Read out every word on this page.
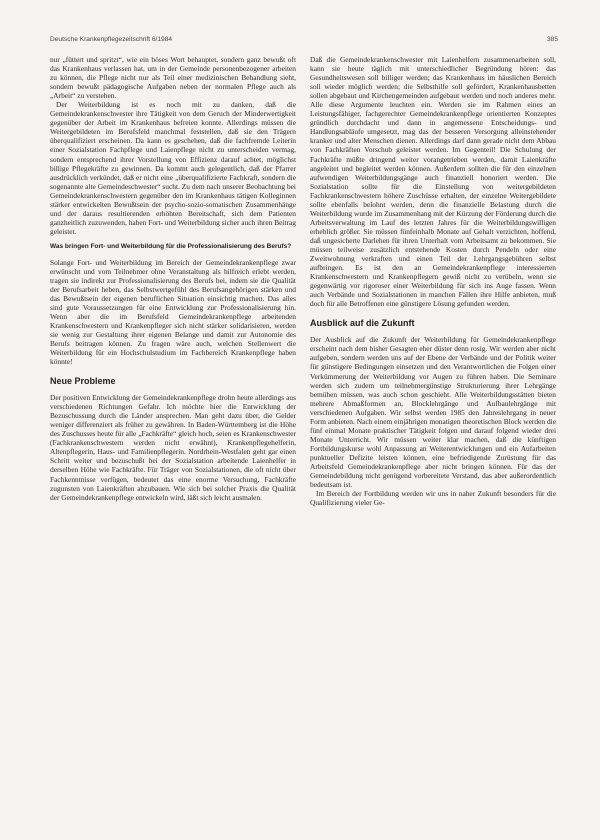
Deutsche Krankenpflegezeitschrift 6/1984	385

nur „füttert und spritzt“, wie ein böses Wort behauptet, sondern ganz bewußt oft das Krankenhaus verlassen hat, um in der Gemeinde personenbezogener arbeiten zu können, die Pflege nicht nur als Teil einer medizinischen Behandlung sieht, sondern bewußt pädagogische Aufgaben neben der normalen Pflege auch als „Arbeit“ zu verstehen.

Der Weiterbildung ist es noch mit zu danken, daß die Gemeindekrankenschwester ihre Tätigkeit von dem Geruch der Minderwertigkeit gegenüber der Arbeit im Krankenhaus befreien konnte. Allerdings müssen die Weitergebildeten im Berufsfeld manchmal feststellen, daß sie den Trägern überqualifiziert erscheinen. Da kann es geschehen, daß die fachfremde Leiterin einer Sozialstation Fachpflege und Laienpflege nicht zu unterscheiden vermag, sondern entsprechend ihrer Vorstellung von Effizienz darauf achtet, möglichst billige Pflegekräfte zu gewinnen. Da kommt auch gelegentlich, daß der Pfarrer ausdrücklich verkündet, daß er nicht eine „überqualifizierte Fachkraft, sondern die sogenannte alte Gemeindeschwester“ sucht. Zu dem nach unserer Beobachtung bei Gemeindekrankenschwestern gegenüber den im Krankenhaus tätigen Kolleginnen stärker entwickelten Bewußtsein der psycho-sozio-somatischen Zusammenhänge und der daraus resultierenden erhöhten Bereitschaft, sich dem Patienten ganzheitlich zuzuwenden, haben Fort- und Weiterbildung sicher auch ihren Beitrag geleistet.

Was bringen Fort- und Weiterbildung für die Professionalisierung des Berufs?

Solange Fort- und Weiterbildung im Bereich der Gemeindekrankenpflege zwar erwünscht und vom Teilnehmer ohne Veranstaltung als hilfreich erlebt werden, tragen sie indirekt zur Professionalisierung des Berufs bei, indem sie die Qualität der Berufsarbeit heben, das Selbstwertgefühl des Berufsangehörigen stärken und das Bewußtsein der eigenen beruflichen Situation einsichtig machen. Das alles sind gute Voraussetzungen für eine Entwicklung zur Professionalisierung hin. Wenn aber die im Berufsfeld Gemeindekrankenpflege arbeitenden Krankenschwestern und Krankenpfleger sich nicht stärker solidarisieren, werden sie wenig zur Gestaltung ihrer eigenen Belange und damit zur Autonomie des Berufs beitragen können. Zu fragen wäre auch, welchen Stellenwert die Weiterbildung für ein Hochschulstudium im Fachbereich Krankenpflege haben könnte!

Neue Probleme

Der positiven Entwicklung der Gemeindekrankenpflege drohn heute allerdings aus verschiedenen Richtungen Gefahr. Ich möchte hier die Entwicklung der Bezuschussung durch die Länder ansprechen. Man geht dazu über, die Gelder weniger differenziert als früher zu gewähren. In Baden-Württemberg ist die Höhe des Zuschusses heute für alle „Fachkräfte“ gleich hoch, seien es Krankenschwester (Fachkrankenschwestern werden nicht erwähnt), Krankenpflegehelferin, Altenpflegerin, Haus- und Familienpflegerin. Nordrhein-Westfalen geht gar einen Schritt weiter und bezuschußt bei der Sozialstation arbeitende Laienhelfer in derselben Höhe wie Fachkräfte. Für Träger von Sozialstationen, die oft nicht über Fachkenntnisse verfügen, bedeutet das eine enorme Versuchung, Fachkräfte zugunsten von Laienkräften abzubauen. Wie sich bei solcher Praxis die Qualität der Gemeindekrankenpflege entwickeln wird, läßt sich leicht ausmalen.

Daß die Gemeindekrankenschwester mit Laienhelfern zusammenarbeiten soll, kann sie heute täglich mit unterschiedlicher Begründung hören: das Gesundheitswesen soll billiger werden; das Krankenhaus im häuslichen Bereich soll wieder möglich werden; die Selbsthilfe soll gefördert, Krankenhausbetten sollen abgebaut und Kirchengemeinden aufgebaut werden und noch anderes mehr. Alle diese Argumente leuchten ein. Werden sie im Rahmen eines an Leistungsfähiger, fachgerechter Gemeindekrankenpflege orientierten Konzeptes gründlich durchdacht und dann in angemessene Entscheidungs- und Handlungsabläufe umgesetzt, mag das der besseren Versorgung alleinstehender kranker und alter Menschen dienen. Allerdings darf dann gerade nicht dem Abbau von Fachkräften Vorschub geleistet werden. Im Gegenteil! Die Schulung der Fachkräfte müßte dringend weiter vorangetrieben werden, damit Laienkräfte angeleitet und begleitet werden können. Außerdem sollten die für den einzelnen aufwendigen Weiterbildungsgänge auch finanziell honoriert werden. Die Sozialstation sollte für die Einstellung von weitergebildeten Fachkrankenschwestern höhere Zuschüsse erhalten, der einzelne Weitergebildete sollte ebenfalls belohnt werden, denn die finanzielle Belastung durch die Weiterbildung wurde im Zusammenhang mit der Kürzung der Förderung durch die Arbeitsverwaltung im Lauf des letzten Jahres für die Weiterbildungswilligen erheblich größer. Sie müssen fünfeinhalb Monate auf Gehalt verzichten, hoffend, daß ungesicherte Darlehen für ihren Unterhalt vom Arbeitsamt zu bekommen. Sie müssen teilweise zusätzlich entstehende Kosten durch Pendeln oder eine Zweitwohnung verkraften und einen Teil der Lehrgangsgebühren selbst aufbringen. Es ist den an Gemeindekrankenpflege interessierten Krankenschwestern und Krankenpflegern gewiß nicht zu verübeln, wenn sie gegenwärtig vor rigoroser einer Weiterbildung für sich ins Auge fassen. Wenn auch Verbände und Sozialstationen in manchen Fällen ihre Hilfe anbieten, muß doch für alle Betroffenen eine günstigere Lösung gefunden werden.

Ausblick auf die Zukunft

Der Ausblick auf die Zukunft der Weiterbildung für Gemeindekrankenpflege erscheint nach dem bisher Gesagten eher düster denn rosig. Wir werden aber nicht aufgeben, sondern werden uns auf der Ebene der Verbände und der Politik weiter für günstigere Bedingungen einsetzen und den Verantwortlichen die Folgen einer Verkümmerung der Weiterbildung vor Augen zu führen haben. Die Seminare werden sich zudem um teilnehmergünstige Strukturierung ihrer Lehrgänge bemühen müssen, was auch schon geschieht. Alle Weiterbildungsstätten bieten mehrere Abmaßformen an, Blocklehrgänge und Aufbaulehrgänge mit verschiedenen Aufgaben. Wir selbst werden 1985 den Jahreslehrgang in neuer Form anbieten. Nach einem einjährigen monatigen theoretischen Block werden die fünf einmal Monate praktischer Tätigkeit folgen und darauf folgend wieder drei Monate Unterricht. Wir müssen weiter klar machen, daß die künftigen Fortbildungskurse wohl Anpassung an Weiterentwicklungen und ein Aufarbeiten punktueller Defizite leisten können, eine befriedigende Zurüstung für das Arbeitsfeld Gemeindekrankenpflege aber nicht bringen können. Für das der Gemeindebildung nicht genügend vorbereitete Verstand, das aber außerordentlich bedeutsam ist.

Im Bereich der Fortbildung werden wir uns in naher Zukunft besonders für die Qualifizierung vieler Ge-
